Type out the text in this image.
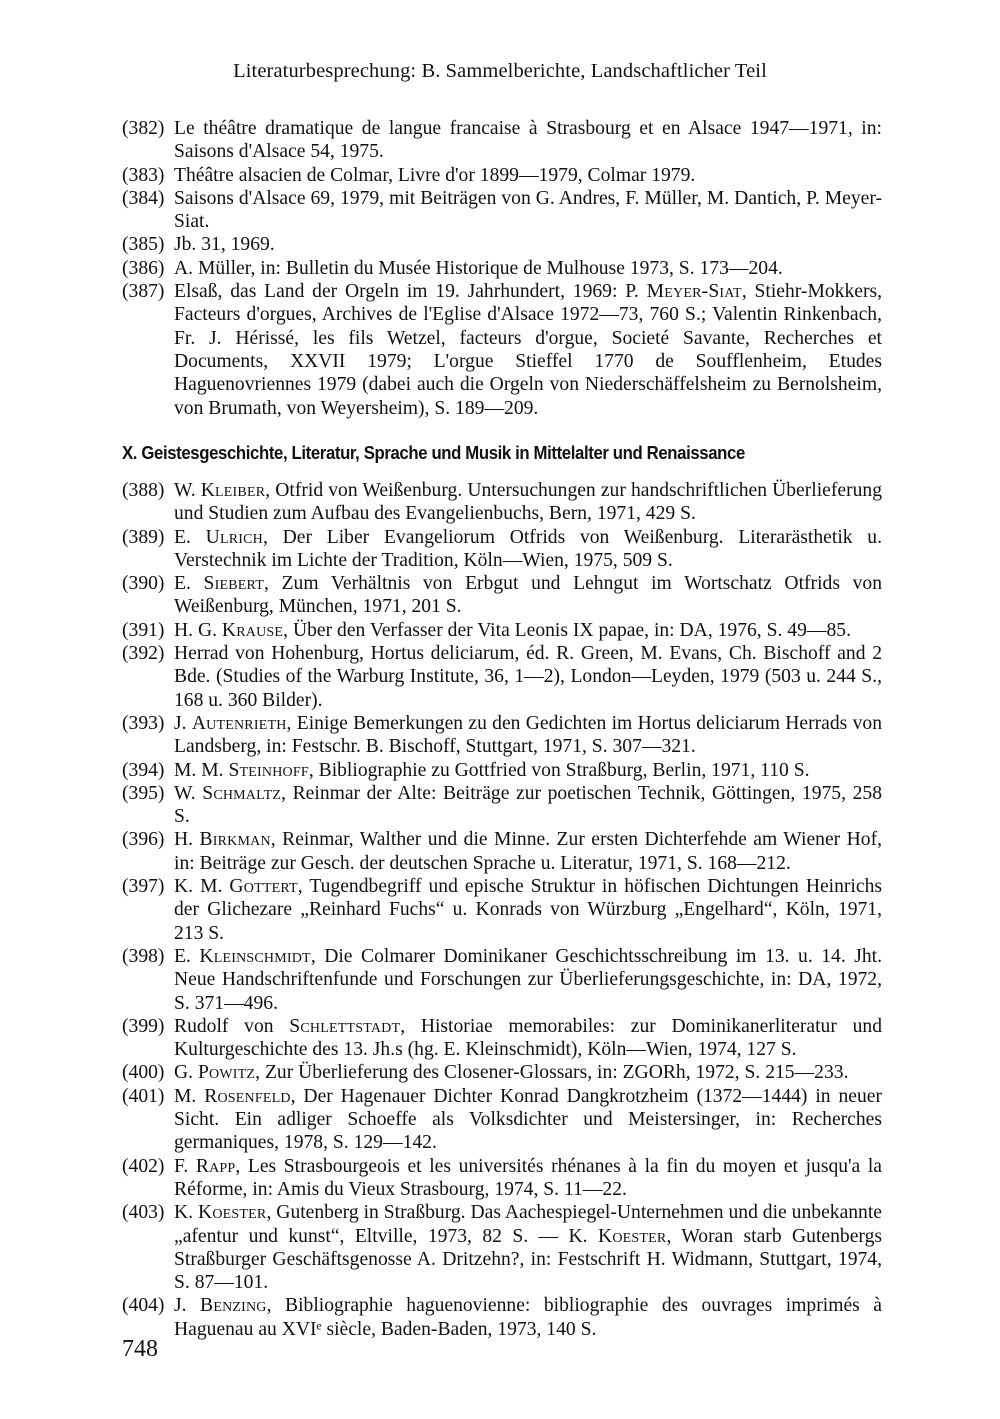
Literaturbesprechung: B. Sammelberichte, Landschaftlicher Teil
(382) Le théâtre dramatique de langue francaise à Strasbourg et en Alsace 1947—1971, in: Saisons d'Alsace 54, 1975.
(383) Théâtre alsacien de Colmar, Livre d'or 1899—1979, Colmar 1979.
(384) Saisons d'Alsace 69, 1979, mit Beiträgen von G. Andres, F. Müller, M. Dantich, P. Meyer-Siat.
(385) Jb. 31, 1969.
(386) A. Müller, in: Bulletin du Musée Historique de Mulhouse 1973, S. 173—204.
(387) Elsaß, das Land der Orgeln im 19. Jahrhundert, 1969: P. Meyer-Siat, Stiehr-Mokkers, Facteurs d'orgues, Archives de l'Eglise d'Alsace 1972—73, 760 S.; Valentin Rinkenbach, Fr. J. Hérissé, les fils Wetzel, facteurs d'orgue, Societé Savante, Recherches et Documents, XXVII 1979; L'orgue Stieffel 1770 de Soufflenheim, Etudes Haguenovriennes 1979 (dabei auch die Orgeln von Niederschäffelsheim zu Bernolsheim, von Brumath, von Weyersheim), S. 189—209.
X. Geistesgeschichte, Literatur, Sprache und Musik in Mittelalter und Renaissance
(388) W. Kleiber, Otfrid von Weißenburg. Untersuchungen zur handschriftlichen Überlieferung und Studien zum Aufbau des Evangelienbuchs, Bern, 1971, 429 S.
(389) E. Ulrich, Der Liber Evangeliorum Otfrids von Weißenburg. Literarästhetik u. Verstechnik im Lichte der Tradition, Köln—Wien, 1975, 509 S.
(390) E. Siebert, Zum Verhältnis von Erbgut und Lehngut im Wortschatz Otfrids von Weißenburg, München, 1971, 201 S.
(391) H. G. Krause, Über den Verfasser der Vita Leonis IX papae, in: DA, 1976, S. 49—85.
(392) Herrad von Hohenburg, Hortus deliciarum, éd. R. Green, M. Evans, Ch. Bischoff and 2 Bde. (Studies of the Warburg Institute, 36, 1—2), London—Leyden, 1979 (503 u. 244 S., 168 u. 360 Bilder).
(393) J. Autenrieth, Einige Bemerkungen zu den Gedichten im Hortus deliciarum Herrads von Landsberg, in: Festschr. B. Bischoff, Stuttgart, 1971, S. 307—321.
(394) M. M. Steinhoff, Bibliographie zu Gottfried von Straßburg, Berlin, 1971, 110 S.
(395) W. Schmaltz, Reinmar der Alte: Beiträge zur poetischen Technik, Göttingen, 1975, 258 S.
(396) H. Birkman, Reinmar, Walther und die Minne. Zur ersten Dichterfehde am Wiener Hof, in: Beiträge zur Gesch. der deutschen Sprache u. Literatur, 1971, S. 168—212.
(397) K. M. Gottert, Tugendbegriff und epische Struktur in höfischen Dichtungen Heinrichs der Glichezare „Reinhard Fuchs“ u. Konrads von Würzburg „Engelhard“, Köln, 1971, 213 S.
(398) E. Kleinschmidt, Die Colmarer Dominikaner Geschichtsschreibung im 13. u. 14. Jht. Neue Handschriftenfunde und Forschungen zur Überlieferungsgeschichte, in: DA, 1972, S. 371—496.
(399) Rudolf von Schlettstadt, Historiae memorabiles: zur Dominikanerliteratur und Kulturgeschichte des 13. Jh.s (hg. E. Kleinschmidt), Köln—Wien, 1974, 127 S.
(400) G. Powitz, Zur Überlieferung des Closener-Glossars, in: ZGORh, 1972, S. 215—233.
(401) M. Rosenfeld, Der Hagenauer Dichter Konrad Dangkrotzheim (1372—1444) in neuer Sicht. Ein adliger Schoeffe als Volksdichter und Meistersinger, in: Recherches germaniques, 1978, S. 129—142.
(402) F. Rapp, Les Strasbourgeois et les universités rhénanes à la fin du moyen et jusqu'a la Réforme, in: Amis du Vieux Strasbourg, 1974, S. 11—22.
(403) K. Koester, Gutenberg in Straßburg. Das Aachespiegel-Unternehmen und die unbekannte „afentur und kunst“, Eltville, 1973, 82 S. — K. Koester, Woran starb Gutenbergs Straßburger Geschäftsgenosse A. Dritzehn?, in: Festschrift H. Widmann, Stuttgart, 1974, S. 87—101.
(404) J. Benzing, Bibliographie haguenovienne: bibliographie des ouvrages imprimés à Haguenau au XVIᵉ siècle, Baden-Baden, 1973, 140 S.
748
